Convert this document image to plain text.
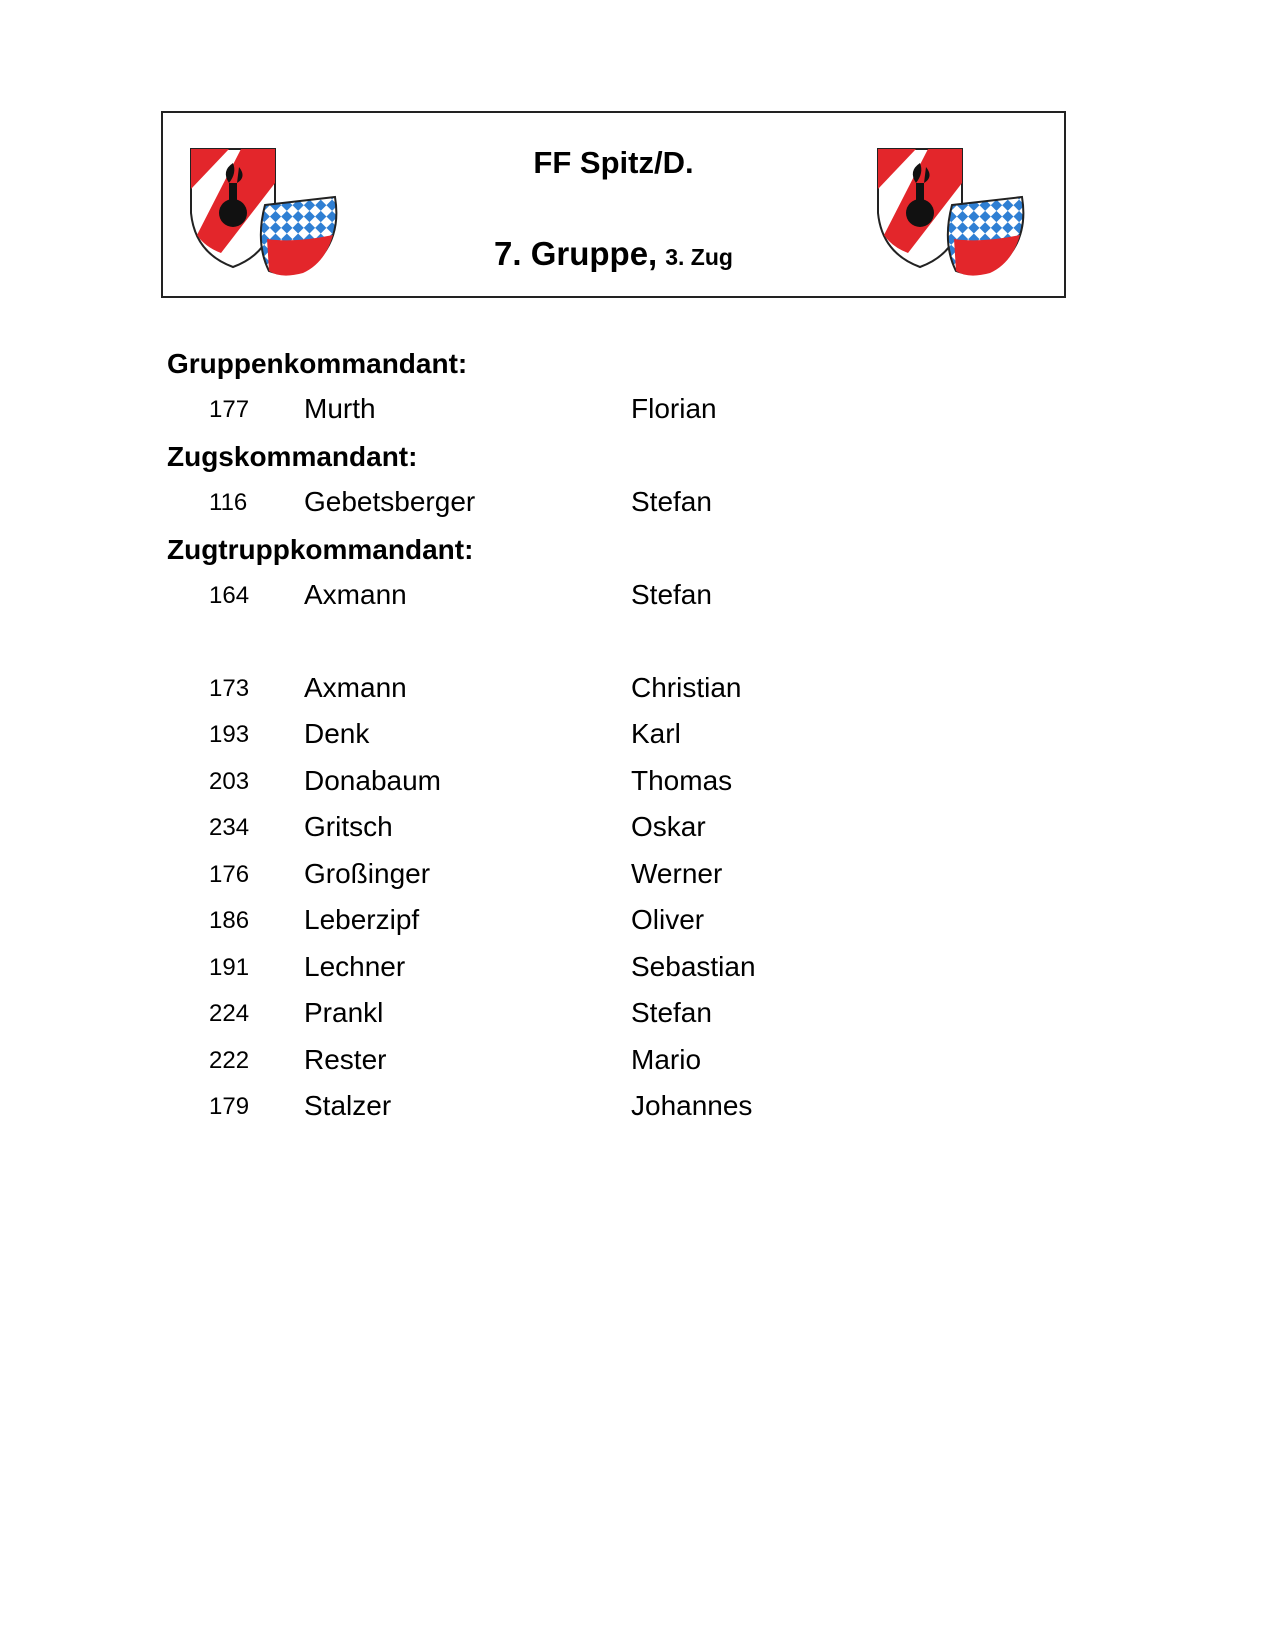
FF Spitz/D.
7. Gruppe, 3. Zug
Gruppenkommandant:
177 Murth	Florian
Zugskommandant:
116 Gebetsberger	Stefan
Zugtruppkommandant:
164 Axmann	Stefan
173 Axmann	Christian
193 Denk	Karl
203 Donabaum	Thomas
234 Gritsch	Oskar
176 Großinger	Werner
186 Leberzipf	Oliver
191 Lechner	Sebastian
224 Prankl	Stefan
222 Rester	Mario
179 Stalzer	Johannes
